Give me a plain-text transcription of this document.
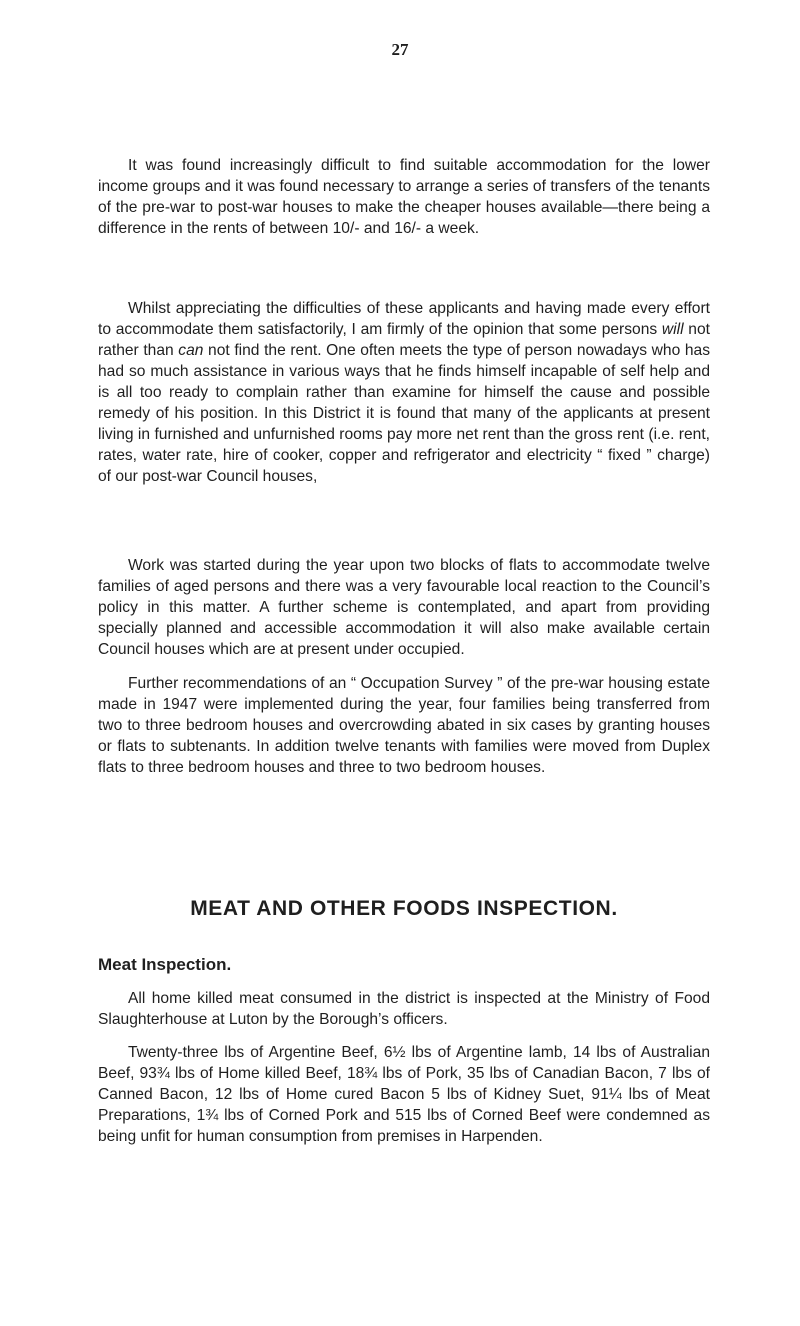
27

It was found increasingly difficult to find suitable accommodation for the lower income groups and it was found necessary to arrange a series of transfers of the tenants of the pre-war to post-war houses to make the cheaper houses available—there being a difference in the rents of between 10/- and 16/- a week.

Whilst appreciating the difficulties of these applicants and having made every effort to accommodate them satisfactorily, I am firmly of the opinion that some persons will not rather than can not find the rent. One often meets the type of person nowadays who has had so much assistance in various ways that he finds himself incapable of self help and is all too ready to complain rather than examine for himself the cause and possible remedy of his position. In this District it is found that many of the applicants at present living in furnished and unfurnished rooms pay more net rent than the gross rent (i.e. rent, rates, water rate, hire of cooker, copper and refrigerator and electricity “ fixed ” charge) of our post-war Council houses,

Work was started during the year upon two blocks of flats to accommodate twelve families of aged persons and there was a very favourable local reaction to the Council’s policy in this matter. A further scheme is contemplated, and apart from providing specially planned and accessible accommodation it will also make available certain Council houses which are at present under occupied.

Further recommendations of an “ Occupation Survey ” of the pre-war housing estate made in 1947 were implemented during the year, four families being transferred from two to three bedroom houses and overcrowding abated in six cases by granting houses or flats to subtenants. In addition twelve tenants with families were moved from Duplex flats to three bedroom houses and three to two bedroom houses.

MEAT AND OTHER FOODS INSPECTION.
Meat Inspection.

All home killed meat consumed in the district is inspected at the Ministry of Food Slaughterhouse at Luton by the Borough’s officers.

Twenty-three lbs of Argentine Beef, 6½ lbs of Argentine lamb, 14 lbs of Australian Beef, 93¾ lbs of Home killed Beef, 18¾ lbs of Pork, 35 lbs of Canadian Bacon, 7 lbs of Canned Bacon, 12 lbs of Home cured Bacon 5 lbs of Kidney Suet, 91¼ lbs of Meat Preparations, 1¾ lbs of Corned Pork and 515 lbs of Corned Beef were condemned as being unfit for human consumption from premises in Harpenden.
